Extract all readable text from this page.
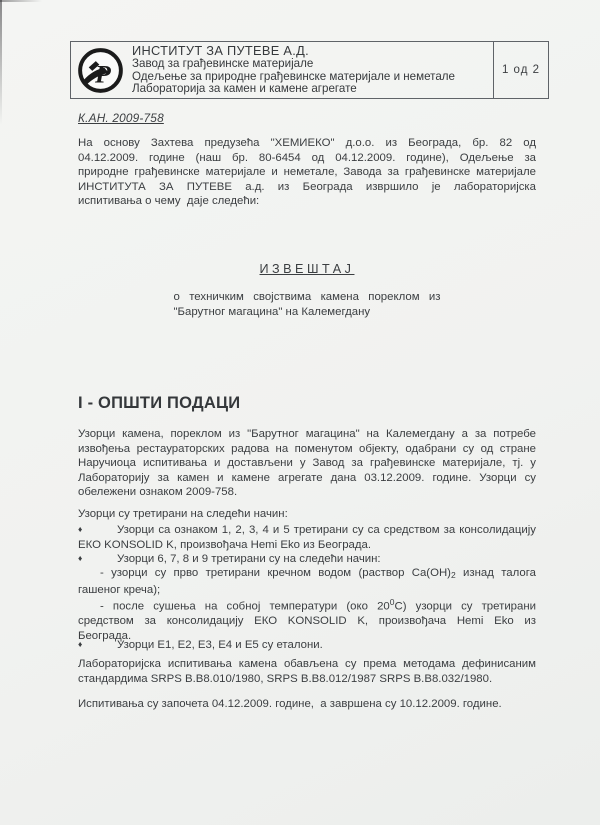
P
ИНСТИТУТ ЗА ПУТЕВЕ А.Д.
Завод за грађевинске материјале
Одељење за природне грађевинске материјале и неметале
Лабораторија за камен и камене агрегате
1 од 2
К.АН. 2009-758
На основу Захтева предузећа "ХЕМИЕКО" д.о.о. из Београда, бр. 82 од
04.12.2009. године (наш бр. 80-6454 од 04.12.2009. године), Одељење за
природне грађевинске материјале и неметале, Завода за грађевинске материјале
ИНСТИТУТА ЗА ПУТЕВЕ а.д. из Београда извршило је лабораторијска
испитивања о чему  даје следећи:
ИЗВЕШТАЈ
о техничким својствима камена пореклом из
"Барутног магацина" на Калемегдану
I - ОПШТИ ПОДАЦИ
Узорци камена, пореклом из "Барутног магацина" на Калемегдану а за потребе
извођења рестаураторских радова на поменутом објекту, одабрани су од стране
Наручиоца испитивања и достављени у Завод за грађевинске материјале, тј. у
Лабораторију за камен и камене агрегате дана 03.12.2009. године. Узорци су
обележени ознаком 2009-758.
Узорци су третирани на следећи начин:
♦	Узорци са ознаком 1, 2, 3, 4 и 5 третирани су са средством за консолидацију
ЕКО KONSOLID K, произвођача Hemi Eko из Београда.
♦	Узорци 6, 7, 8 и 9 третирани су на следећи начин:
- узорци су прво третирани кречном водом (раствор Ca(OH)2 изнад талога
гашеног креча);
- после сушења на собној температури (око $20^0C$) узорци су третирани
средством за консолидацију ЕКО KONSOLID K, произвођача Hemi Eko из
Београда.
♦	Узорци Е1, Е2, Е3, Е4 и Е5 су еталони.
Лабораторијска испитивања камена обављена су према методама дефинисаним
стандардима SRPS B.B8.010/1980, SRPS B.B8.012/1987 SRPS B.B8.032/1980.
Испитивања су започета 04.12.2009. године,  а завршена су 10.12.2009. године.
